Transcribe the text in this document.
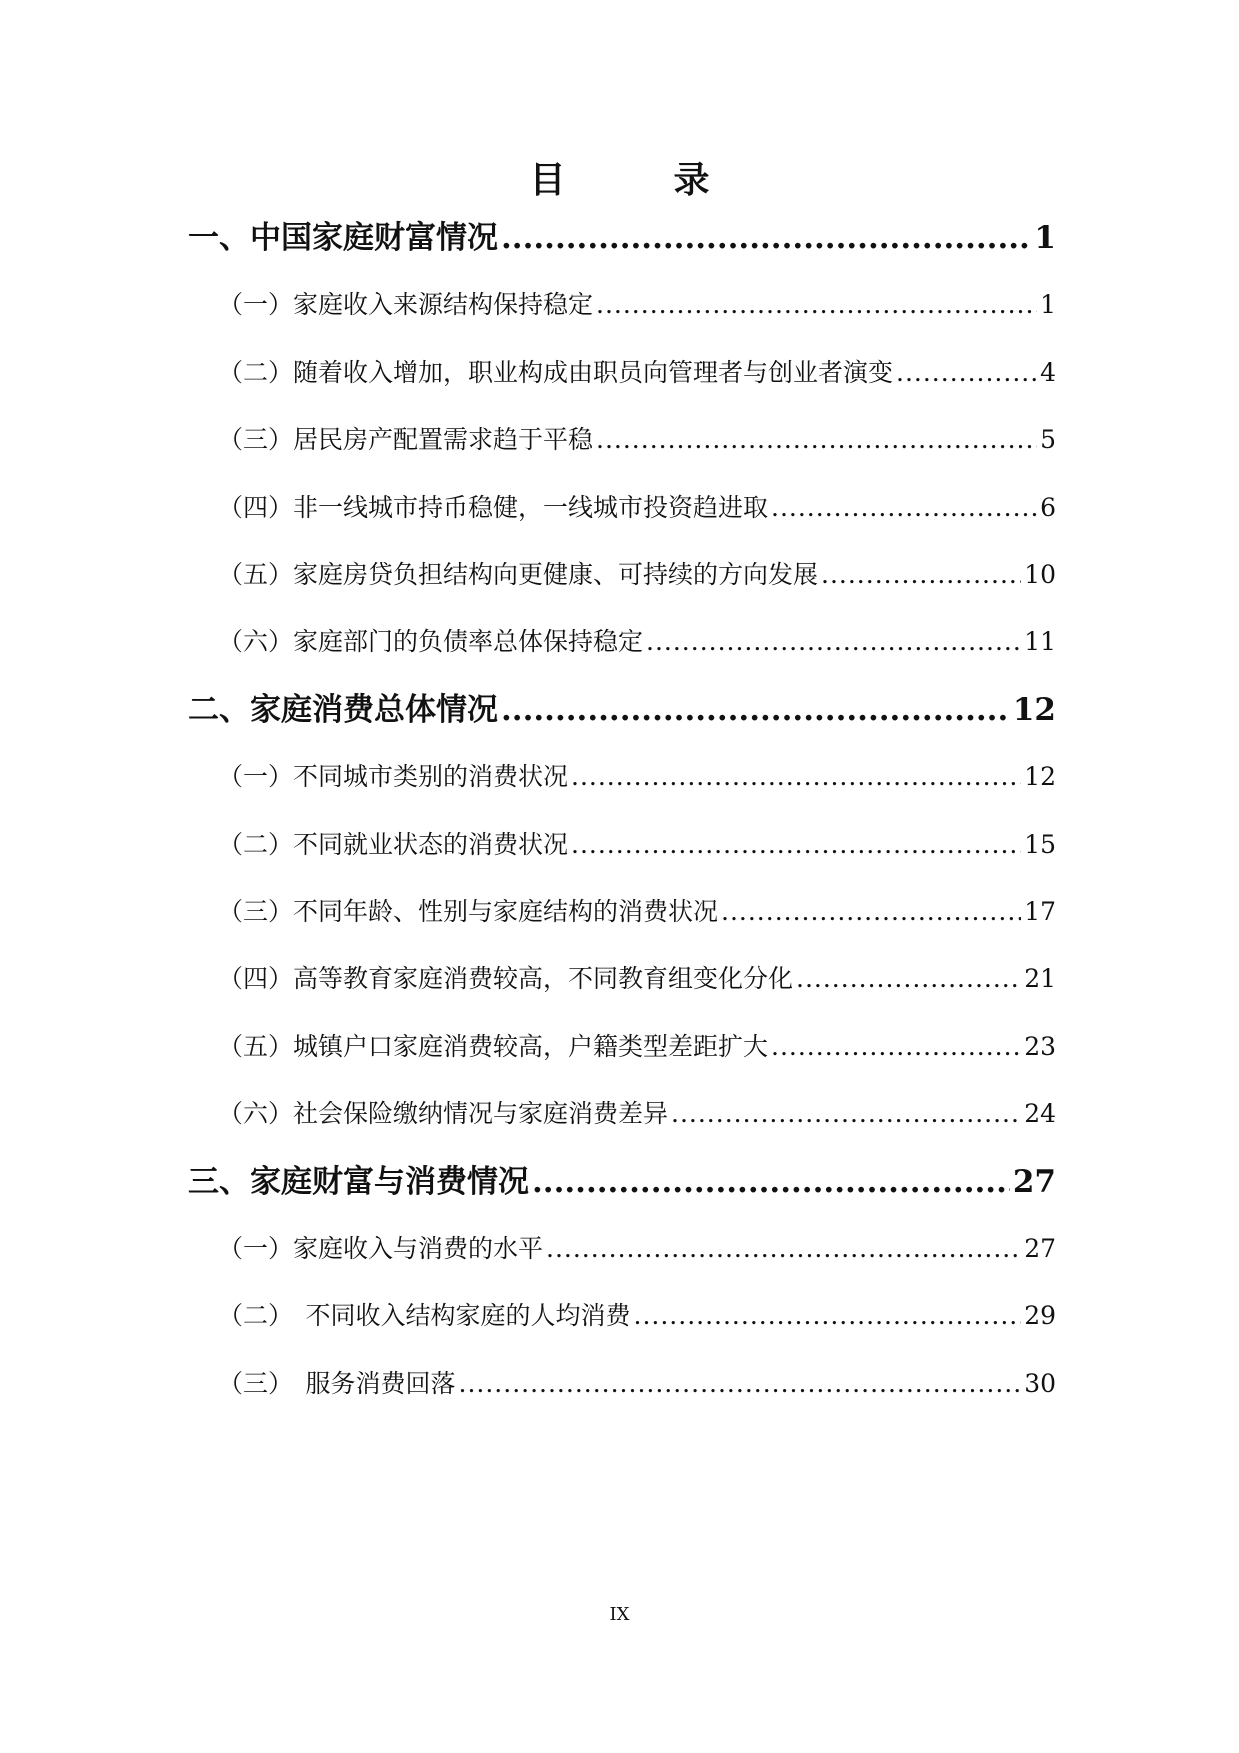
目　录
一、中国家庭财富情况 .....	1
（一）家庭收入来源结构保持稳定 .....	1
（二）随着收入增加，职业构成由职员向管理者与创业者演变 .....	4
（三）居民房产配置需求趋于平稳 .....	5
（四）非一线城市持币稳健，一线城市投资趋进取 .....	6
（五）家庭房贷负担结构向更健康、可持续的方向发展 .....	10
（六）家庭部门的负债率总体保持稳定 .....	11
二、家庭消费总体情况 .....	12
（一）不同城市类别的消费状况 .....	12
（二）不同就业状态的消费状况 .....	15
（三）不同年龄、性别与家庭结构的消费状况 .....	17
（四）高等教育家庭消费较高，不同教育组变化分化 .....	21
（五）城镇户口家庭消费较高，户籍类型差距扩大 .....	23
（六）社会保险缴纳情况与家庭消费差异 .....	24
三、家庭财富与消费情况 .....	27
（一）家庭收入与消费的水平 .....	27
（二）　不同收入结构家庭的人均消费 .....	29
（三）　服务消费回落 .....	30
IX
